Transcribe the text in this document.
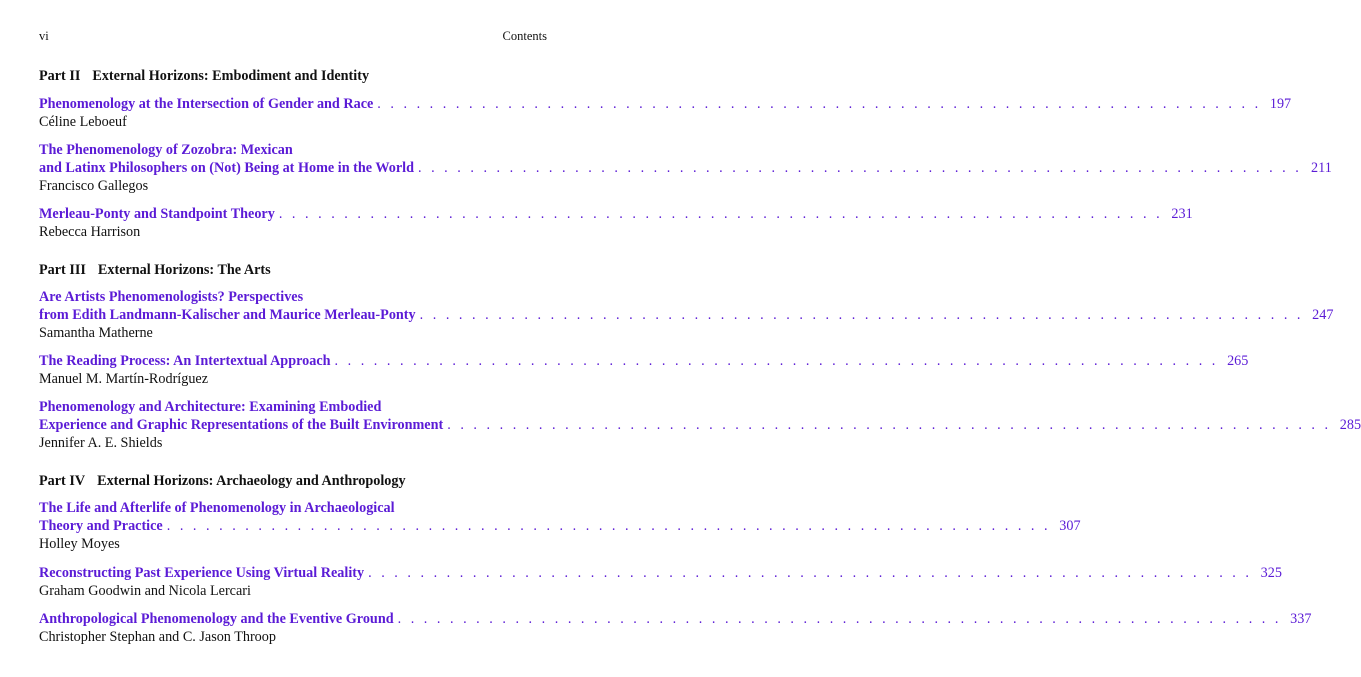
vi	Contents
Part II External Horizons: Embodiment and Identity
Phenomenology at the Intersection of Gender and Race . . . . . . . . . . . . . . . . . . . . . . . . . . . . . . . . . . . . . . . . . . . . . . . . . . . . . . . . . . . . . . . . . . . . 197
Céline Leboeuf
The Phenomenology of Zozobra: Mexican
and Latinx Philosophers on (Not) Being at Home in the World . . . . . . . . . . . . . . . . . . . . . . . . . . . . . . . . . . . . . . . . . . . . . . . . . . . . . . . . . . . . . . . . . . . . 211
Francisco Gallegos
Merleau-Ponty and Standpoint Theory . . . . . . . . . . . . . . . . . . . . . . . . . . . . . . . . . . . . . . . . . . . . . . . . . . . . . . . . . . . . . . . . . . . . 231
Rebecca Harrison
Part III External Horizons: The Arts
Are Artists Phenomenologists? Perspectives
from Edith Landmann-Kalischer and Maurice Merleau-Ponty . . . . . . . . . . . . . . . . . . . . . . . . . . . . . . . . . . . . . . . . . . . . . . . . . . . . . . . . . . . . . . . . . . . . 247
Samantha Matherne
The Reading Process: An Intertextual Approach . . . . . . . . . . . . . . . . . . . . . . . . . . . . . . . . . . . . . . . . . . . . . . . . . . . . . . . . . . . . . . . . . . . . 265
Manuel M. Martín-Rodríguez
Phenomenology and Architecture: Examining Embodied
Experience and Graphic Representations of the Built Environment . . . . . . . . . . . . . . . . . . . . . . . . . . . . . . . . . . . . . . . . . . . . . . . . . . . . . . . . . . . . . . . . . . . . 285
Jennifer A. E. Shields
Part IV External Horizons: Archaeology and Anthropology
The Life and Afterlife of Phenomenology in Archaeological
Theory and Practice . . . . . . . . . . . . . . . . . . . . . . . . . . . . . . . . . . . . . . . . . . . . . . . . . . . . . . . . . . . . . . . . . . . . 307
Holley Moyes
Reconstructing Past Experience Using Virtual Reality . . . . . . . . . . . . . . . . . . . . . . . . . . . . . . . . . . . . . . . . . . . . . . . . . . . . . . . . . . . . . . . . . . . . 325
Graham Goodwin and Nicola Lercari
Anthropological Phenomenology and the Eventive Ground . . . . . . . . . . . . . . . . . . . . . . . . . . . . . . . . . . . . . . . . . . . . . . . . . . . . . . . . . . . . . . . . . . . . 337
Christopher Stephan and C. Jason Throop
